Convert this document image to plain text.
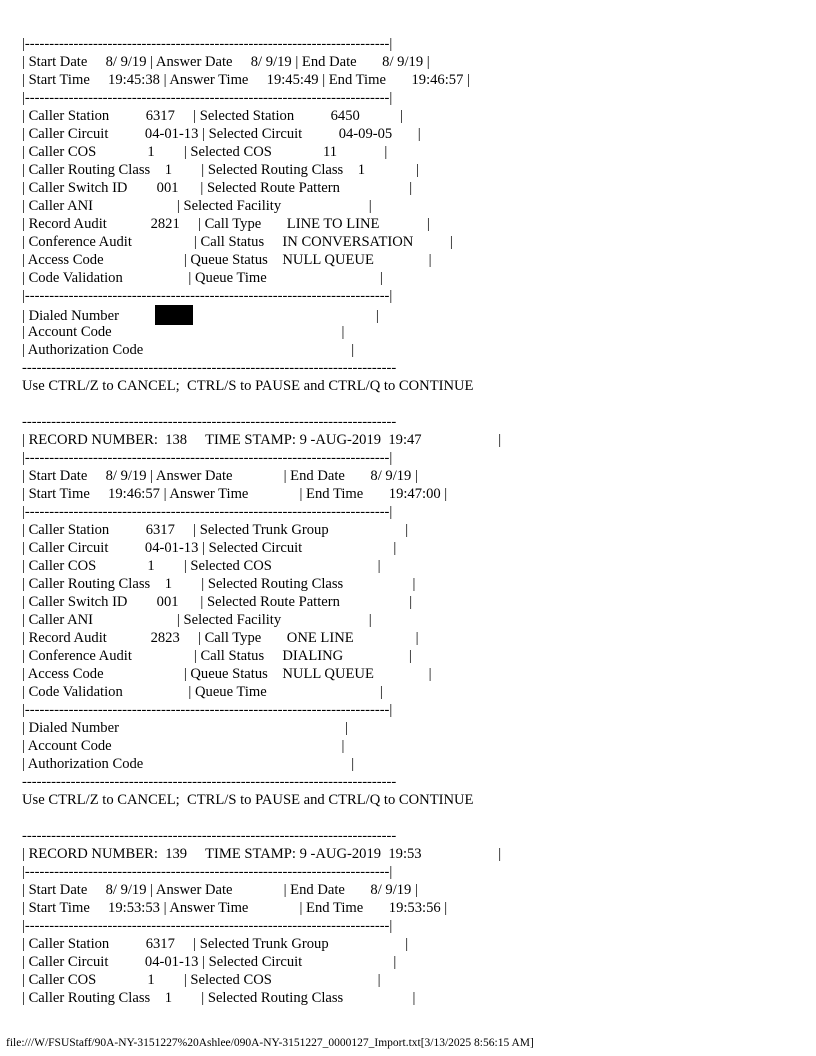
|---------------------------------------------------------------------------|
| Start Date     8/ 9/19 | Answer Date     8/ 9/19 | End Date       8/ 9/19 |
| Start Time     19:45:38 | Answer Time     19:45:49 | End Time       19:46:57 |
|---------------------------------------------------------------------------|
| Caller Station          6317     | Selected Station          6450           |
| Caller Circuit          04-01-13 | Selected Circuit          04-09-05       |
| Caller COS              1        | Selected COS              11             |
| Caller Routing Class    1        | Selected Routing Class    1              |
| Caller Switch ID        001      | Selected Route Pattern                   |
| Caller ANI                       | Selected Facility                        |
| Record Audit            2821     | Call Type       LINE TO LINE             |
| Conference Audit                 | Call Status     IN CONVERSATION          |
| Access Code                      | Queue Status    NULL QUEUE               |
| Code Validation                  | Queue Time                               |
|---------------------------------------------------------------------------|
| Dialed Number	|
| Account Code                                                               |
| Authorization Code                                                         |
-----------------------------------------------------------------------------
Use CTRL/Z to CANCEL;  CTRL/S to PAUSE and CTRL/Q to CONTINUE
-----------------------------------------------------------------------------
| RECORD NUMBER:  138     TIME STAMP: 9 -AUG-2019  19:47                     |
|---------------------------------------------------------------------------|
| Start Date     8/ 9/19 | Answer Date              | End Date       8/ 9/19 |
| Start Time     19:46:57 | Answer Time              | End Time       19:47:00 |
|---------------------------------------------------------------------------|
| Caller Station          6317     | Selected Trunk Group                     |
| Caller Circuit          04-01-13 | Selected Circuit                         |
| Caller COS              1        | Selected COS                             |
| Caller Routing Class    1        | Selected Routing Class                   |
| Caller Switch ID        001      | Selected Route Pattern                   |
| Caller ANI                       | Selected Facility                        |
| Record Audit            2823     | Call Type       ONE LINE                 |
| Conference Audit                 | Call Status     DIALING                  |
| Access Code                      | Queue Status    NULL QUEUE               |
| Code Validation                  | Queue Time                               |
|---------------------------------------------------------------------------|
| Dialed Number                                                              |
| Account Code                                                               |
| Authorization Code                                                         |
-----------------------------------------------------------------------------
Use CTRL/Z to CANCEL;  CTRL/S to PAUSE and CTRL/Q to CONTINUE
-----------------------------------------------------------------------------
| RECORD NUMBER:  139     TIME STAMP: 9 -AUG-2019  19:53                     |
|---------------------------------------------------------------------------|
| Start Date     8/ 9/19 | Answer Date              | End Date       8/ 9/19 |
| Start Time     19:53:53 | Answer Time              | End Time       19:53:56 |
|---------------------------------------------------------------------------|
| Caller Station          6317     | Selected Trunk Group                     |
| Caller Circuit          04-01-13 | Selected Circuit                         |
| Caller COS              1        | Selected COS                             |
| Caller Routing Class    1        | Selected Routing Class                   |
file:///W/FSUStaff/90A-NY-3151227%20Ashlee/090A-NY-3151227_0000127_Import.txt[3/13/2025 8:56:15 AM]
